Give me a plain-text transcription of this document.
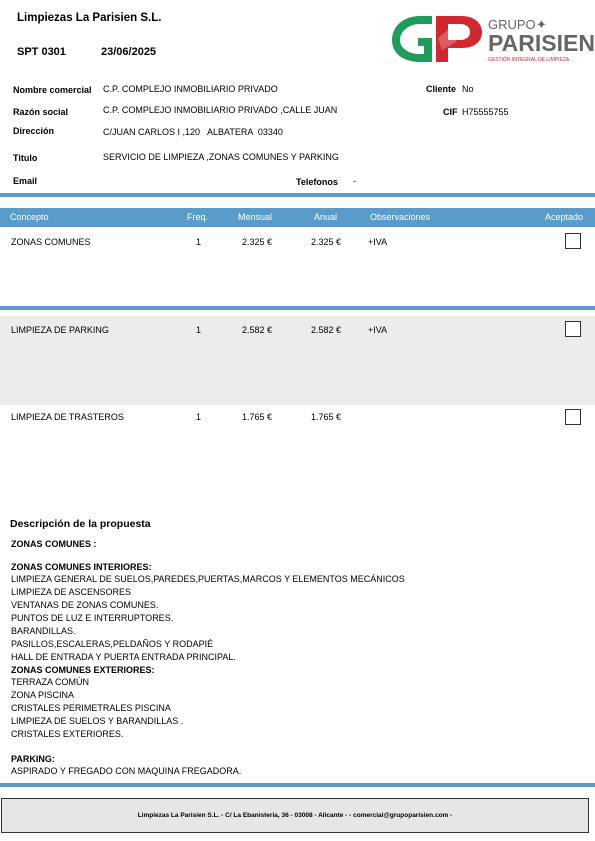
Limpiezas La Parisien S.L.
SPT 0301	23/06/2025
GRUPO ✦
PARISIEN
GESTIÓN INTEGRAL DE LIMPIEZA
Nombre comercial C.P. COMPLEJO INMOBILIARIO PRIVADO	Cliente No
Razón social	C.P. COMPLEJO INMOBILIARIO PRIVADO ,CALLE JUAN	CIF H75555755
Dirección	C/JUAN CARLOS I ,120   ALBATERA  03340
Titulo	SERVICIO DE LIMPIEZA ,ZONAS COMUNES Y PARKING
Email	Telefonos -
Concepto	Freq.	Mensual	Anual	Observaciones	Aceptado
ZONAS COMUNES	1	2.325 €	2.325 €	+IVA
LIMPIEZA DE PARKING	1	2.582 €	2.582 €	+IVA
LIMPIEZA DE TRASTEROS	1	1.765 €	1.765 €
Descripción de la propuesta
ZONAS COMUNES :
ZONAS COMUNES INTERIORES:
LIMPIEZA GENERAL DE SUELOS,PAREDES,PUERTAS,MARCOS Y ELEMENTOS MECÁNICOS
LIMPIEZA DE ASCENSORES
VENTANAS DE ZONAS COMUNES.
PUNTOS DE LUZ E INTERRUPTORES.
BARANDILLAS.
PASILLOS,ESCALERAS,PELDAÑOS Y RODAPIÉ
HALL DE ENTRADA Y PUERTA ENTRADA PRINCIPAL.
ZONAS COMUNES EXTERIORES:
TERRAZA COMÚN
ZONA PISCINA
CRISTALES PERIMETRALES PISCINA
LIMPIEZA DE SUELOS Y BARANDILLAS .
CRISTALES EXTERIORES.
PARKING:
ASPIRADO Y FREGADO CON MAQUINA FREGADORA.
Limpiezas La Parisien S.L. - C/ La Ebanisteria, 36 - 03008 - Alicante - - comercial@grupoparisien.com -
